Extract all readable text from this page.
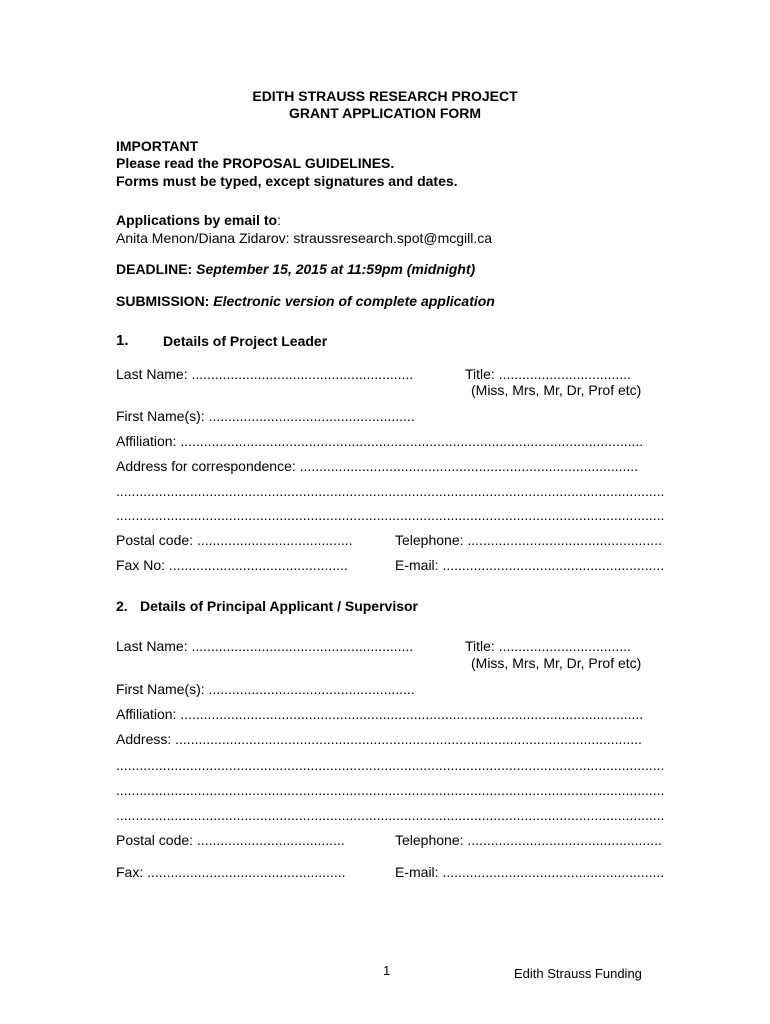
EDITH STRAUSS RESEARCH PROJECT
GRANT APPLICATION FORM
IMPORTANT
Please read the PROPOSAL GUIDELINES.
Forms must be typed, except signatures and dates.
Applications by email to:
Anita Menon/Diana Zidarov: straussresearch.spot@mcgill.ca
DEADLINE: September 15, 2015 at 11:59pm (midnight)
SUBMISSION: Electronic version of complete application
1. Details of Project Leader
Last Name: .........................................................	Title: ..................................
(Miss, Mrs, Mr, Dr, Prof etc)
First Name(s): .....................................................
Affiliation: .......................................................................................................................
Address for correspondence: .......................................................................................
.............................................................................................................................................
.............................................................................................................................................
Postal code: ........................................	Telephone: ..................................................
Fax No: ..............................................	E-mail: .........................................................
2. Details of Principal Applicant / Supervisor
Last Name: .........................................................	Title: ..................................
(Miss, Mrs, Mr, Dr, Prof etc)
First Name(s): .....................................................
Affiliation: .......................................................................................................................
Address: ........................................................................................................................
.............................................................................................................................................
.............................................................................................................................................
.............................................................................................................................................
Postal code: ......................................	Telephone: ..................................................
Fax: ...................................................	E-mail: .........................................................
1	Edith Strauss Funding
